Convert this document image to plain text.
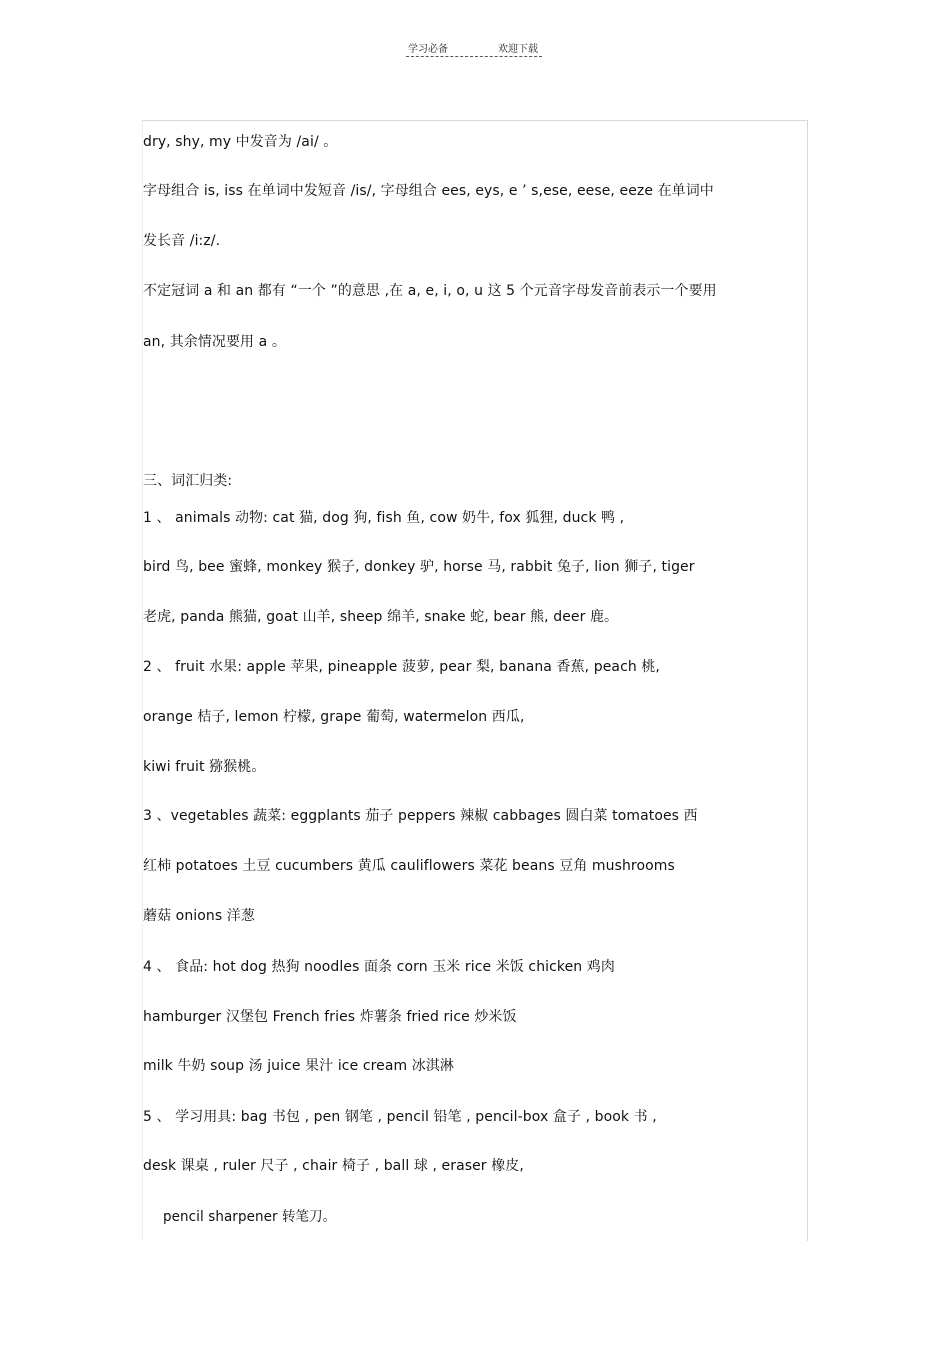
学习必备	欢迎下载
dry, shy, my 中发音为 /ai/ 。
字母组合 is, iss 在单词中发短音 /is/, 字母组合 ees, eys, e ’ s,ese, eese, eeze 在单词中
发长音 /i:z/.
不定冠词 a 和 an 都有 “一个 ”的意思 ,在 a, e, i, o, u 这 5 个元音字母发音前表示一个要用
an, 其余情况要用 a 。
三、词汇归类:
1 、 animals 动物: cat 猫, dog 狗, fish 鱼, cow 奶牛, fox 狐狸, duck 鸭 ,
bird 鸟, bee 蜜蜂, monkey 猴子, donkey 驴, horse 马, rabbit 兔子, lion 狮子, tiger
老虎, panda 熊猫, goat 山羊, sheep 绵羊, snake 蛇, bear 熊, deer 鹿。
2 、 fruit 水果: apple 苹果, pineapple 菠萝, pear 梨, banana 香蕉, peach 桃,
orange 桔子, lemon 柠檬, grape 葡萄, watermelon 西瓜,
kiwi fruit 猕猴桃。
3 、vegetables 蔬菜: eggplants 茄子 peppers 辣椒 cabbages 圆白菜 tomatoes 西
红柿 potatoes 土豆 cucumbers 黄瓜 cauliflowers 菜花 beans 豆角 mushrooms
蘑菇 onions 洋葱
4 、 食品: hot dog 热狗 noodles 面条 corn 玉米 rice 米饭 chicken 鸡肉
hamburger 汉堡包 French fries 炸薯条 fried rice 炒米饭
milk 牛奶 soup 汤 juice 果汁 ice cream 冰淇淋
5 、 学习用具: bag 书包 , pen 钢笔 , pencil 铅笔 , pencil-box 盒子 , book 书 ,
desk 课桌 , ruler 尺子 , chair 椅子 , ball 球 , eraser 橡皮,
pencil sharpener 转笔刀。
